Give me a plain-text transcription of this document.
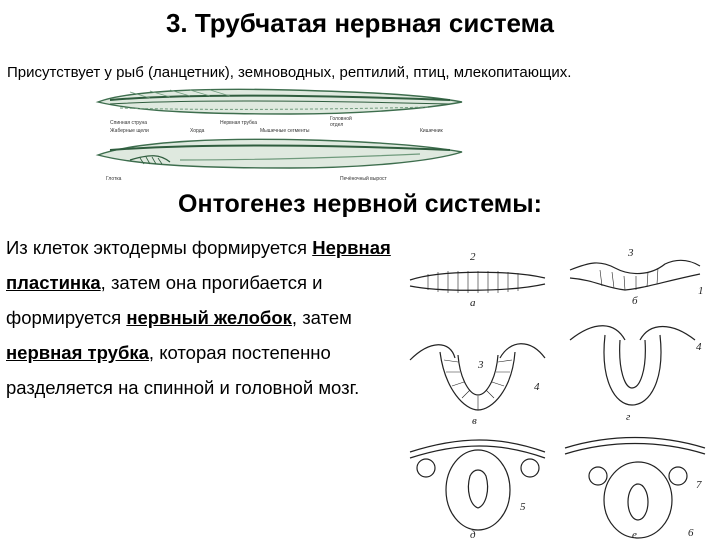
3. Трубчатая нервная система
Присутствует у рыб (ланцетник), земноводных, рептилий, птиц, млекопитающих.
Спинная струна	Нервная трубка
Головной
отдел
Жаберные щели	Хорда	Мышечные сегменты	Кишечник
Глотка	Печёночный вырост
Онтогенез нервной системы:
Из клеток эктодермы формируется Нервная пластинка, затем она прогибается и формируется нервный желобок, затем нервная трубка, которая постепенно разделяется на спинной и головной мозг.
а	б
в	г
д	е
2	3
3
4
4
5
6
7
1
